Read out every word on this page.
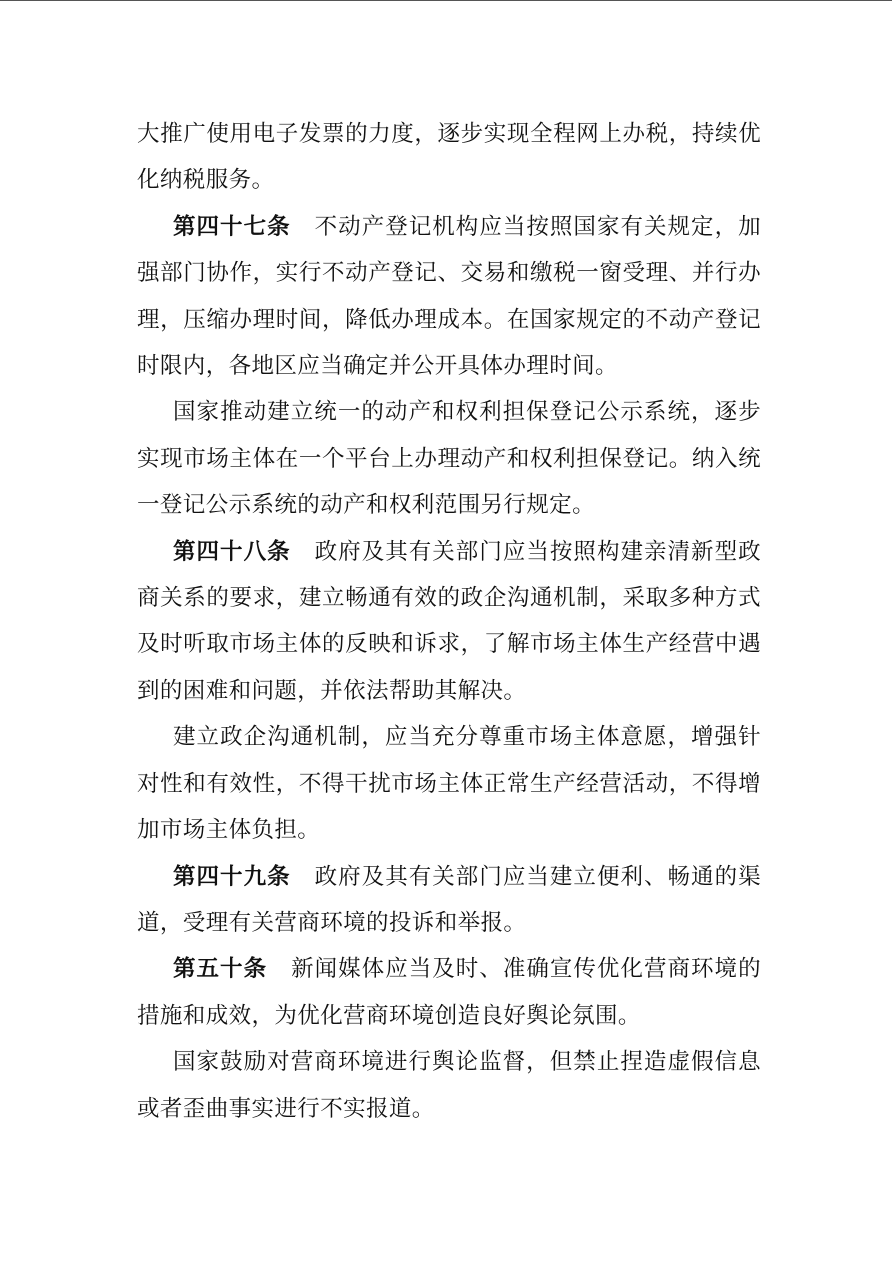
大推广使用电子发票的力度，逐步实现全程网上办税，持续优化纳税服务。

第四十七条 不动产登记机构应当按照国家有关规定，加强部门协作，实行不动产登记、交易和缴税一窗受理、并行办理，压缩办理时间，降低办理成本。在国家规定的不动产登记时限内，各地区应当确定并公开具体办理时间。

国家推动建立统一的动产和权利担保登记公示系统，逐步实现市场主体在一个平台上办理动产和权利担保登记。纳入统一登记公示系统的动产和权利范围另行规定。

第四十八条 政府及其有关部门应当按照构建亲清新型政商关系的要求，建立畅通有效的政企沟通机制，采取多种方式及时听取市场主体的反映和诉求，了解市场主体生产经营中遇到的困难和问题，并依法帮助其解决。

建立政企沟通机制，应当充分尊重市场主体意愿，增强针对性和有效性，不得干扰市场主体正常生产经营活动，不得增加市场主体负担。

第四十九条 政府及其有关部门应当建立便利、畅通的渠道，受理有关营商环境的投诉和举报。

第五十条 新闻媒体应当及时、准确宣传优化营商环境的措施和成效，为优化营商环境创造良好舆论氛围。

国家鼓励对营商环境进行舆论监督，但禁止捏造虚假信息或者歪曲事实进行不实报道。
